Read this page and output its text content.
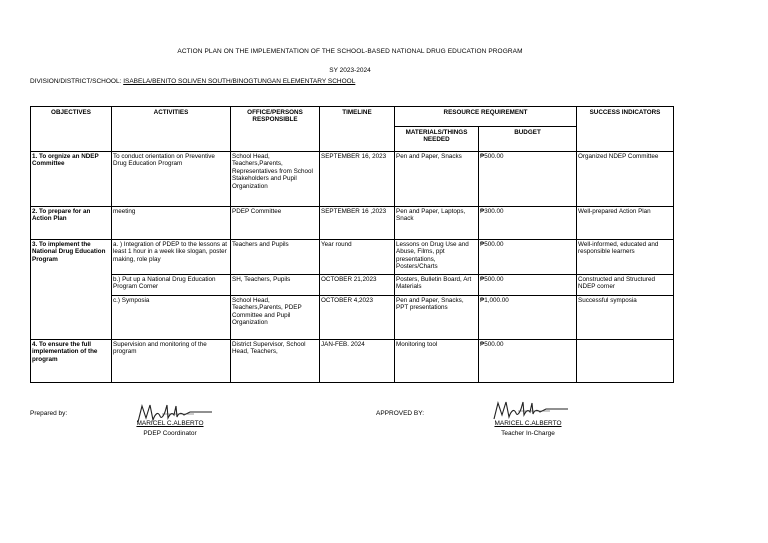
ACTION PLAN ON THE IMPLEMENTATION OF THE SCHOOL-BASED NATIONAL DRUG EDUCATION PROGRAM
SY 2023-2024
DIVISION/DISTRICT/SCHOOL: ISABELA/BENITO SOLIVEN SOUTH/BINOGTUNGAN ELEMENTARY SCHOOL
OBJECTIVES	ACTIVITIES	OFFICE/PERSONS RESPONSIBLE	TIMELINE	RESOURCE REQUIREMENT		SUCCESS INDICATORS
				MATERIALS/THINGS NEEDED	BUDGET	
1. To orgnize an NDEP Committee	To conduct orientation on Preventive Drug Education Program	School Head, Teachers,Parents, Representatives from School Stakeholders and Pupil Organization	SEPTEMBER 16, 2023	Pen and Paper, Snacks	₱500.00	Organized NDEP Committee
2. To prepare for an Action Plan	meeting	PDEP Committee	SEPTEMBER 16 ,2023	Pen and Paper, Laptops, Snack	₱300.00	Well-prepared Action Plan
3. To implement the National Drug Education Program	a. ) Integration of PDEP to the lessons at least 1 hour in a week like slogan, poster making, role play	Teachers and Pupils	Year round	Lessons on Drug Use and Abuse, Films, ppt presentations, Posters/Charts	₱500.00	Well-informed, educated and responsible learners
	b.) Put up a National Drug Education Program Corner	SH, Teachers, Pupils	OCTOBER 21,2023	Posters, Bulletin Board, Art Materials	₱500.00	Constructed and Structured NDEP corner
	c.) Symposia	School Head, Teachers,Parents, PDEP Committee and Pupil Organization	OCTOBER 4,2023	Pen and Paper, Snacks, PPT presentations	₱1,000.00	Successful symposia
4. To ensure the full implementation of the program	Supervision and monitoring of the program	District Supervisor, School Head, Teachers,	JAN-FEB. 2024	Monitoring tool	₱500.00	
Prepared by:
MARICEL C.ALBERTO
PDEP Coordinator
APPROVED BY:
MARICEL C.ALBERTO
Teacher In-Charge
